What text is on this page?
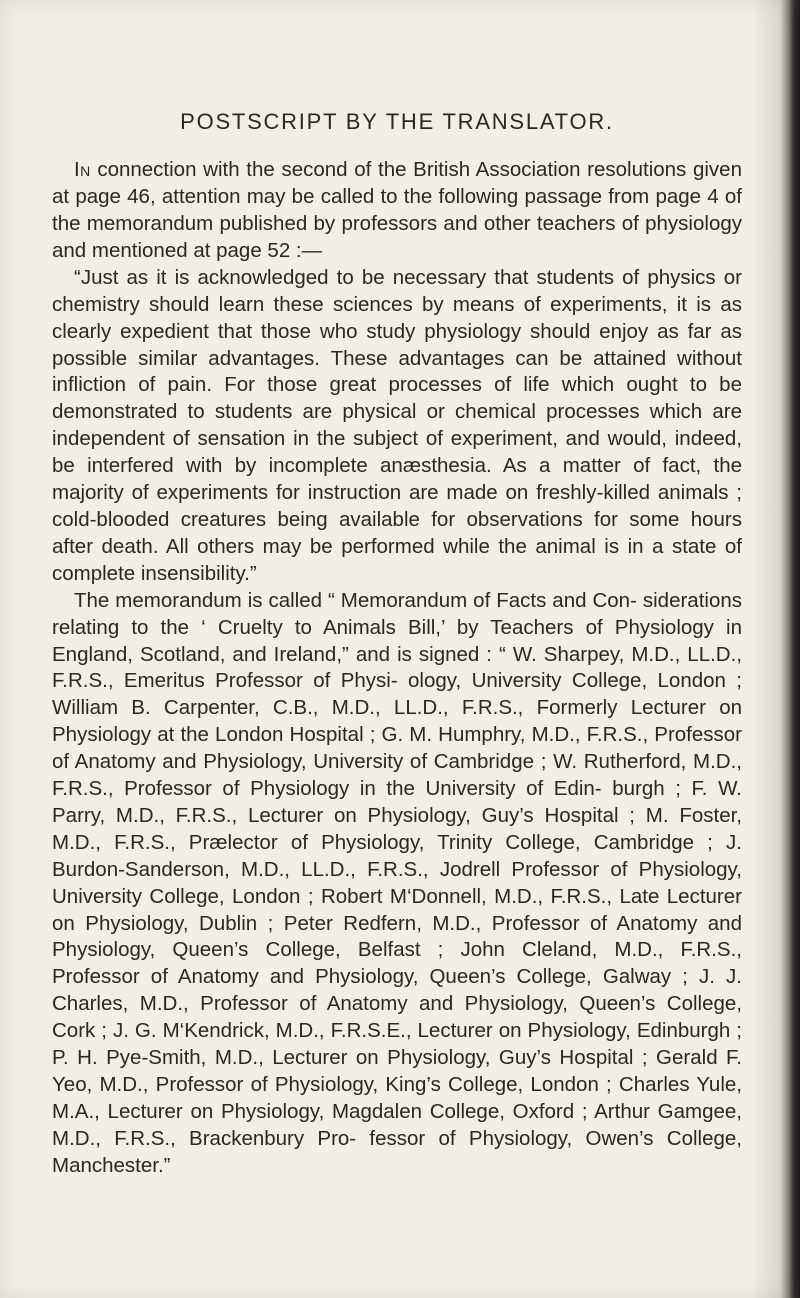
POSTSCRIPT BY THE TRANSLATOR.

In connection with the second of the British Association resolutions given at page 46, attention may be called to the following passage from page 4 of the memorandum published by professors and other teachers of physiology and mentioned at page 52 :—

“Just as it is acknowledged to be necessary that students of physics or chemistry should learn these sciences by means of experiments, it is as clearly expedient that those who study physiology should enjoy as far as possible similar advantages. These advantages can be attained without infliction of pain. For those great processes of life which ought to be demonstrated to students are physical or chemical processes which are independent of sensation in the subject of experiment, and would, indeed, be interfered with by incomplete anæsthesia. As a matter of fact, the majority of experiments for instruction are made on freshly-killed animals ; cold-blooded creatures being available for observations for some hours after death. All others may be performed while the animal is in a state of complete insensibility.”

The memorandum is called “ Memorandum of Facts and Con- siderations relating to the ‘ Cruelty to Animals Bill,’ by Teachers of Physiology in England, Scotland, and Ireland,” and is signed : “ W. Sharpey, M.D., LL.D., F.R.S., Emeritus Professor of Physi- ology, University College, London ; William B. Carpenter, C.B., M.D., LL.D., F.R.S., Formerly Lecturer on Physiology at the London Hospital ; G. M. Humphry, M.D., F.R.S., Professor of Anatomy and Physiology, University of Cambridge ; W. Rutherford, M.D., F.R.S., Professor of Physiology in the University of Edin- burgh ; F. W. Parry, M.D., F.R.S., Lecturer on Physiology, Guy’s Hospital ; M. Foster, M.D., F.R.S., Prælector of Physiology, Trinity College, Cambridge ; J. Burdon-Sanderson, M.D., LL.D., F.R.S., Jodrell Professor of Physiology, University College, London ; Robert M‘Donnell, M.D., F.R.S., Late Lecturer on Physiology, Dublin ; Peter Redfern, M.D., Professor of Anatomy and Physiology, Queen’s College, Belfast ; John Cleland, M.D., F.R.S., Professor of Anatomy and Physiology, Queen’s College, Galway ; J. J. Charles, M.D., Professor of Anatomy and Physiology, Queen’s College, Cork ; J. G. M‘Kendrick, M.D., F.R.S.E., Lecturer on Physiology, Edinburgh ; P. H. Pye-Smith, M.D., Lecturer on Physiology, Guy’s Hospital ; Gerald F. Yeo, M.D., Professor of Physiology, King’s College, London ; Charles Yule, M.A., Lecturer on Physiology, Magdalen College, Oxford ; Arthur Gamgee, M.D., F.R.S., Brackenbury Pro- fessor of Physiology, Owen’s College, Manchester.”
